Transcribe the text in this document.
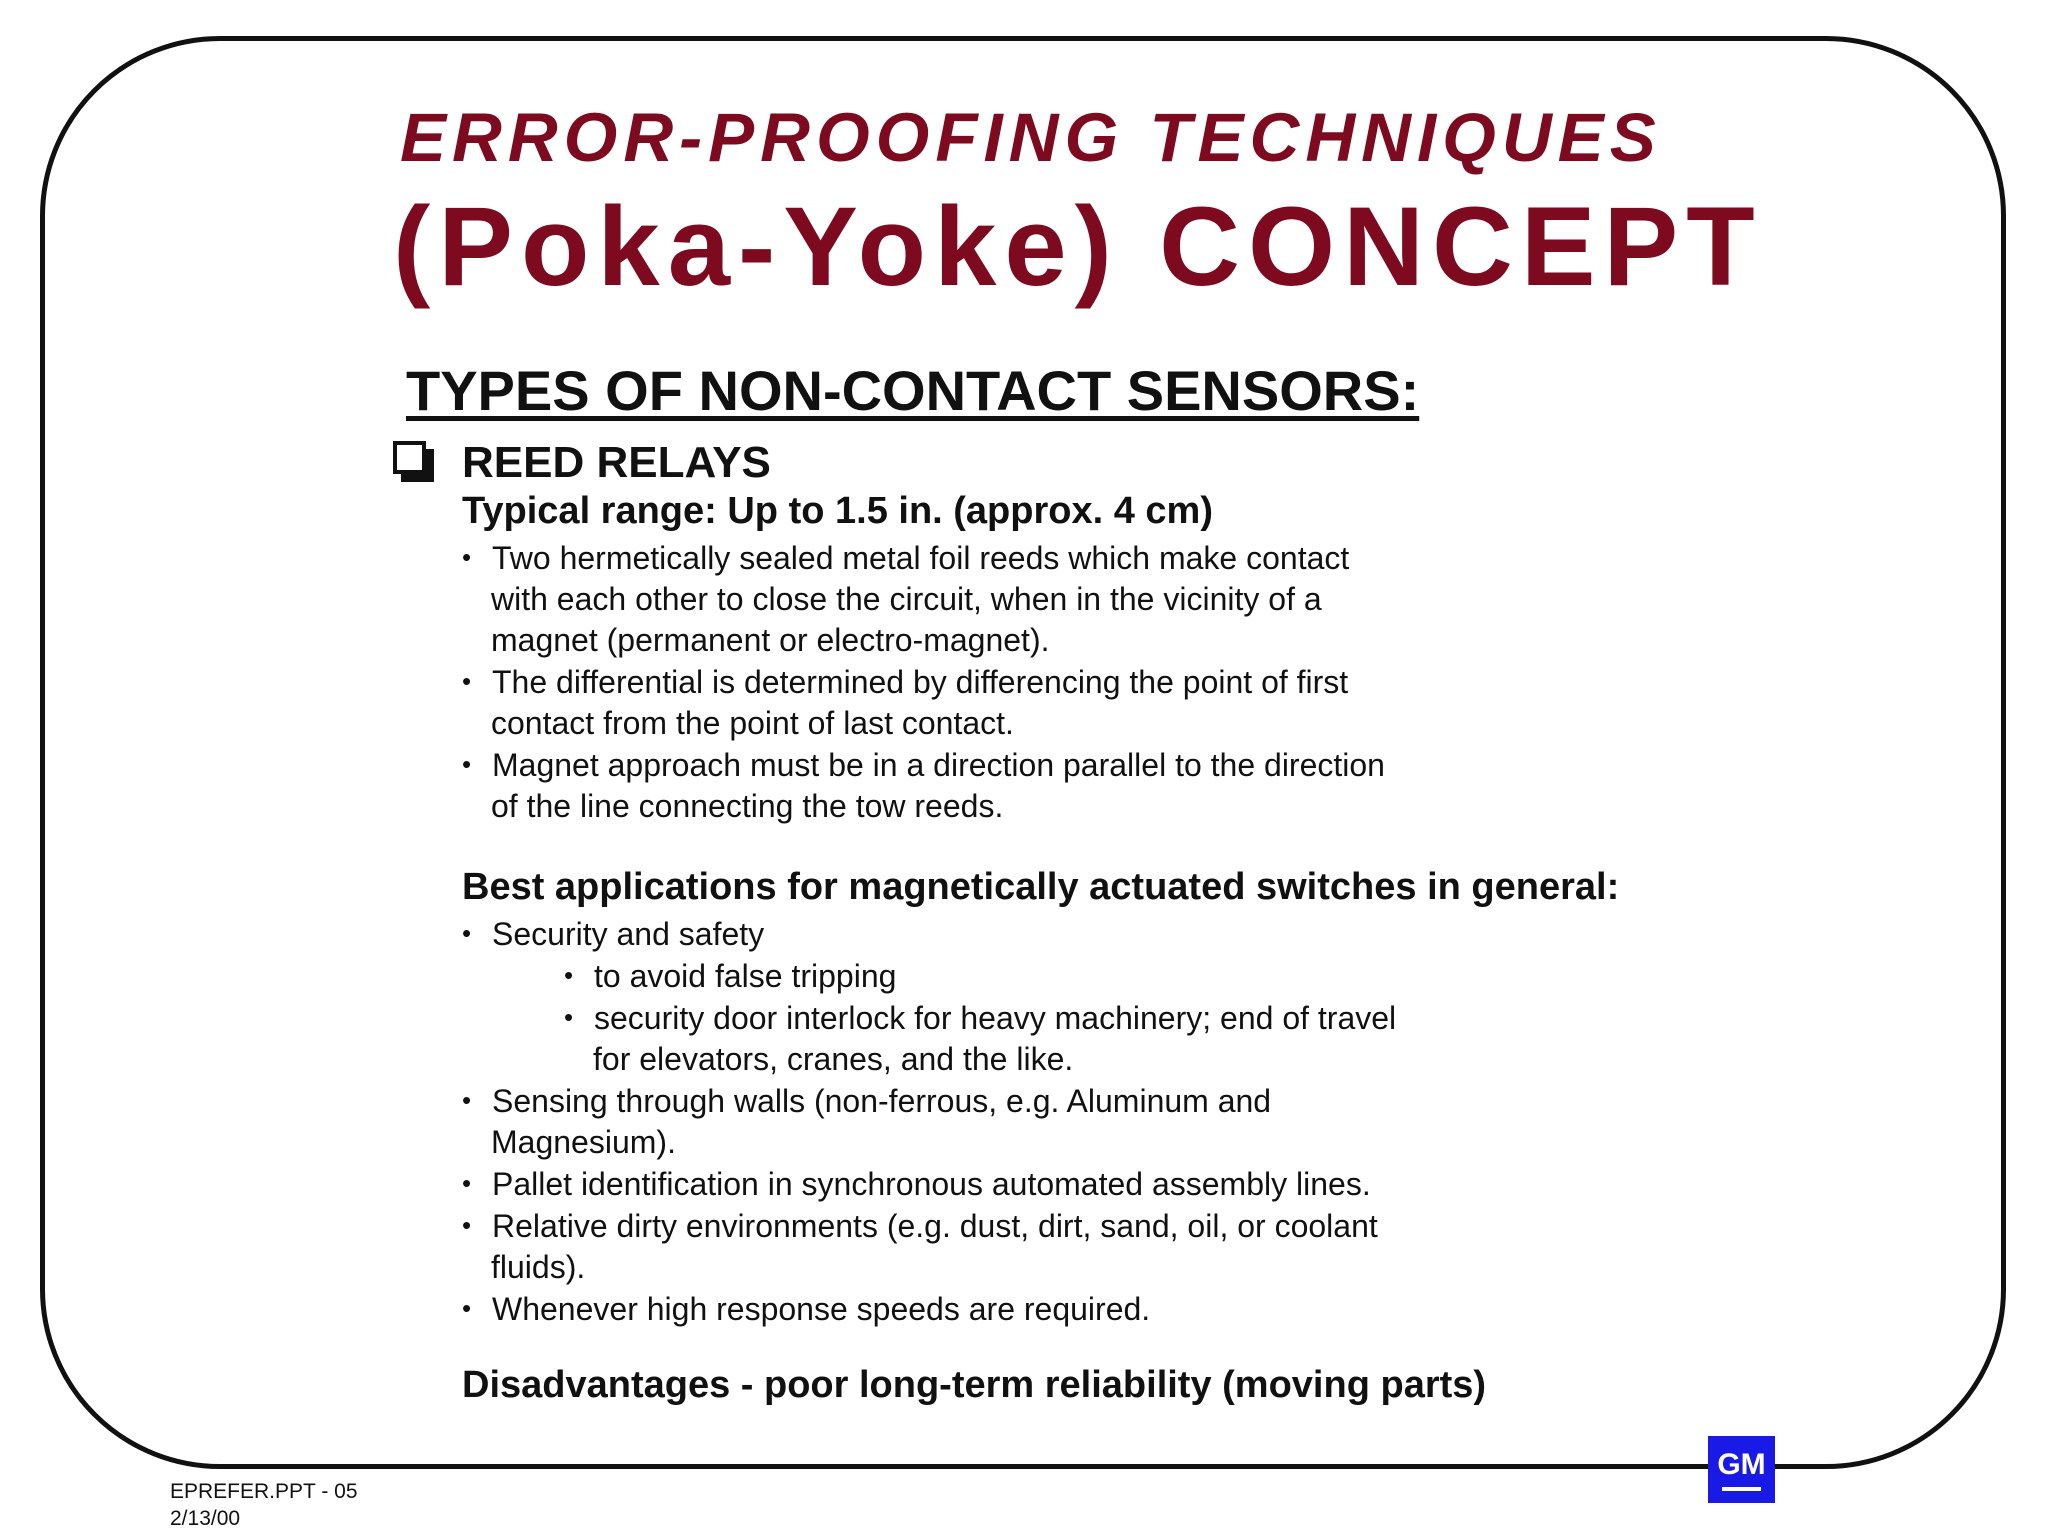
ERROR-PROOFING TECHNIQUES
(Poka-Yoke) CONCEPT
TYPES OF NON-CONTACT SENSORS:
REED RELAYS
Typical range: Up to 1.5 in. (approx. 4 cm)
• Two hermetically sealed metal foil reeds which make contact
with each other to close the circuit, when in the vicinity of a
magnet (permanent or electro-magnet).
• The differential is determined by differencing the point of first
contact from the point of last contact.
• Magnet approach must be in a direction parallel to the direction
of the line connecting the tow reeds.
Best applications for magnetically actuated switches in general:
• Security and safety
• to avoid false tripping
• security door interlock for heavy machinery; end of travel
for elevators, cranes, and the like.
• Sensing through walls (non-ferrous, e.g. Aluminum and
Magnesium).
• Pallet identification in synchronous automated assembly lines.
• Relative dirty environments (e.g. dust, dirt, sand, oil, or coolant
fluids).
• Whenever high response speeds are required.
Disadvantages - poor long-term reliability (moving parts)
EPREFER.PPT - 05
2/13/00
GM
